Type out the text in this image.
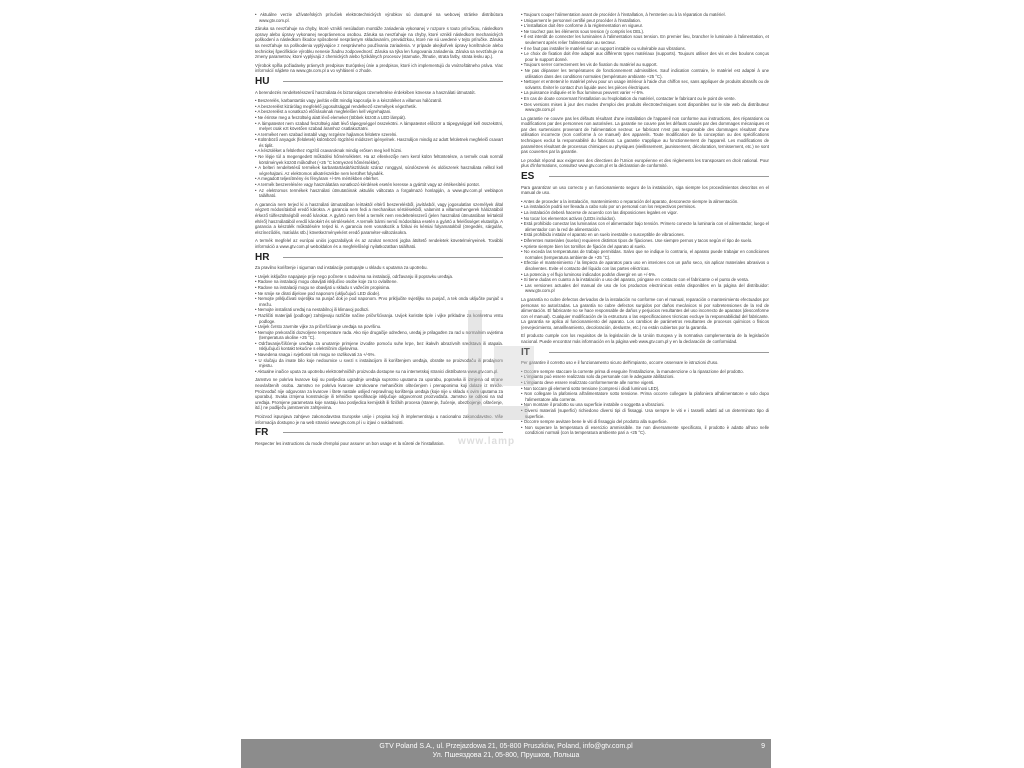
• Aktuálne verzie užívateľských príručiek elektrotechnických výrobkov sú dostupné na webovej stránke distribútora www.gtv.com.pl.

Záruka sa nevzťahuje na chyby, ktoré vznikli nesúladom montáže zariadenia vykonanej v rozpore s touto príručkou, následkom opravy alebo úpravy vykonanej neoprávnenou osobou. Záruka sa nevzťahuje na chyby, ktoré vznikli následkom mechanických poškodení a následkom škodov spôsobené nesprávnym skladovaním, prevádzkou, ktoré nie sú uvedené v tejto príručke. Záruka sa nevzťahuje na poškodenia vyplývajúce z nesprávneho používania zariadenia. V prípade akejkoľvek úpravy konštrukcie alebo technickej špecifikácie výrobku nenesie žiadnu zodpovednosť. Záruka sa týka len fungovania zariadenia. Záruka sa nevzťahuje na zmeny parametrov, ktoré vyplývajú z chemických alebo fyzikálnych procesov (starnutie, žltnutie, strata farby, strata lesku ap.).

Výrobok spĺňa požiadavky právnych predpisov Európskej únie a predpisov, ktoré ich implementujú do vnútroštátneho práva. Viac informácií nájdete na www.gtv.com.pl a vo vyhlásení o zhode.

HU

A berendezés rendeltetésszerű használata és biztonságos üzemeltetése érdekében kövesse a használati útmutatót.

• Beszerelés, karbantartás vagy javítás előtt mindig kapcsolja le a készüléket a villamos hálózatról.
• A beszerelést kizárólag megfelelő jogosultsággal rendelkező személyek végezhetik.
• A beszerelést a vonatkozó előírásoknak megfelelően kell végrehajtani.
• Ne érintse meg a feszültség alatt lévő elemeket (többek között a LED lámpát).
• A lámpatestet nem szabad feszültség alatt lévő tápegységgel összekötni. A lámpatestet először a tápegységgel kell összekötni, melyet csak ezt követően szabad áramhoz csatlakoztatni.
• A terméket nem szabad instabil vagy rezgésre hajlamos felületre szerelni.
• Különböző anyagok (felületek) különböző rögzítési módszert igényelnek. Használjon mindig az adott felületnek megfelelő csavart és tiplit.
• A készüléket a felülethez rögzítő csavaroknak mindig erősen meg kell húzni.
• Ne lépje túl a megengedett működési hőmérsékletet. Ha az ellenkezője nem kerül külön feltüntetésre, a termék csak normál körülmények között működhet (+25 °C környezeti hőmérséklet).
• A belteri rendeltetésű termékek karbantartását/tisztítását száraz ronggyal, súrolószerek és oldószerek használata nélkül kell végrehajtani. Az elektromos alkatrészekbe nem kerülhet folyadék.
• A megadott teljesítmény és fényáram +/-5% mértékben eltérhet.
• A termék beszerelésére vagy használatára vonatkozó kérdések esetén keresse a gyártót vagy az értékesítési pontot.
• Az elektromos termékek használati útmutatóinak aktuális változata a forgalmazó honlapján, a www.gtv.com.pl weblapon található.

A garancia nem terjed ki a használati útmutatóban leírtaktól eltérő beszerelésből, javításból, vagy jogosulatlan személyek által végzett módosításból eredő károkra. A garancia nem fedi a mechanikus sérülésekből, valamint a villamoshengerek hálózatából érkező túlfeszültségből eredő károkat. A gyártó nem felel a termék nem rendeltetésszerű (jelen használati útmutatóban leírtaktól eltérő) használatából eredő károkért és sérülésekért. A termék bármi nemű módosítása esetén a gyártó a felelősséget elutasítja. A garancia a készülék működésére terjed ki. A garancia nem vonatkozik a fizikai és kémiai folyamatokból (öregedés, sárgulás, elszíneződés, matíulás stb.) következményeként eredő paraméter-változásokra.

A termék megfelel az európai uniós jogszabályok és az azokat nemzeti jogba átültető rendeletek követelményeinek. További információ a www.gtv.com.pl weboldalon és a megfelelőségi nyilatkozatban található.

HR

Za pravilno korištenje i sigurnan rad instalacije postupajte u skladu s uputama za upotrebu.

• Uvijek isključite napajanje prije nego počnete s radovima na instalaciji, održavanju ili popravku uređaja.
• Radove na instalaciji mogu obavljati isključivo osobe koje za to ovlaštene.
• Radove na instalaciji mogu se obavljati u skladu s važećim propisima.
• Ne smije se dirati dijelove pod naponom (uključujući LED diode).
• Nemojte priključivati svjetiljku na punjač dok je pod naponom. Prvo priključite svjetiljku na punjač, a tek onda uključite punjač u mrežu.
• Nemojte instalirati uređaj na nestabilnoj ili klimavoj podlozi.
• Različiti materijali (podloge) zahtijevaju različite načine pričvršćivanja. Uvijek koristite tiple i vijke prikladne za konkretnu vrstu podloge.
• Uvijek čvrsto zavrnite vijke za pričvršćivanje uređaja na površinu.
• Nemojte prekoračiti dozvoljene temperature rada. Ako nije drugačije određeno, uređaj je prilagođen za rad u normalnim uvjetima (temperatura okoline +25 °C).
• Održavanje/čišćenje uređaja za unutarnje primjene izvodite pomoću suhe krpe, bez ikakvih abrazivnih sredstava ili otapala. Isključujući kontakt tekućine s električnim dijelovima.
• Navedena snaga i svjetlosni tok mogu se razlikovati za +/-5%.
• U slučaju da imate bilo koje nedoumice u svezi s instalacijom ili korištenjem uređaja, obratite se proizvođaču ili prodajnom mjestu.
• Aktualne inačice uputa za upotrebu elektrotehničkih proizvoda dostupne su na internetskoj stranici distributera www.gtv.com.pl.

Jamstvo ne pokriva kvarove koji su posljedica ugradnje uređaja suprotno uputama za uporabu, popravka ili izmjena od strane neovlaštenih osoba. Jamstvo ne pokriva kvarove uzrokovane mehaničkim oštećenjem i prenaponima koji dolaze iz mreže. Proizvođač nije odgovoran za kvarove i štete nastale uslijed nepravilnog korištenja uređaja (koje nije u skladu s ovim uputama za uporabu). Svaka izmjena konstrukcije ili tehničke specifikacije isključuje odgovornost proizvođača. Jamstvo se odnosi na rad uređaja. Promjene parametara koje nastaju kao posljedica kemijskih ili fizičkih procesa (starenje, žućenje, obezbojenje, oštećenje, itd.) ne podliježu jamstvenim zahtjevima.

Proizvod ispunjava zahtjeve zakonodavstva Europske unije i propisa koji ih implementiraju u nacionalno zakonodavstvo. Više informacija dostupno je na web stranici www.gtv.com.pl i u izjavi o sukladnosti.

FR

Respecter les instructions du mode d'emploi pour assurer un bon usage et la sûreté de l'installation.

• Toujours couper l'alimentation avant de procéder à l'installation, à l'entretien ou à la réparation du matériel.
• Uniquement le personnel certifié peut procéder à l'installation.
• L'installation doit être conforme à la réglementation en vigueur.
• Ne touchez pas les éléments sous tension (y compris les DEL).
• Il est interdit de connecter les luminaires à l'alimentation sous tension. En premier lieu, brancher le luminaire à l'alimentation, et seulement après relier l'alimentation au secteur.
• Il ne faut pas installer le matériel sur un support instable ou vulnérable aux vibrations.
• Le choix de fixation doit être adapté aux différents types matériaux (supports). Toujours utiliser des vis et des boulons conçus pour le support donné.
• Toujours serrer correctement les vis de fixation du matériel au support.
• Ne pas dépasser les températures de fonctionnement admissibles. Sauf indication contraire, le matériel est adapté à une utilisation dans des conditions normales (température ambiante +25 °C).
• Nettoyer et entretenir le matériel prévu pour un usage intérieur à l'aide d'un chiffon sec, sans appliquer de produits abrasifs ou de solvants. Éviter le contact d'un liquide avec les pièces électriques.
• La puissance indiquée et le flux lumineux peuvent varier +/-5%.
• En cas de doute concernant l'installation ou l'exploitation du matériel, contacter le fabricant ou le point de vente.
• Des versions mises à jour des modes d'emploi des produits électrotechniques sont disponibles sur le site web du distributeur www.gtv.com.pl

La garantie ne couvre pas les défauts résultant d'une installation de l'appareil non conforme aux instructions, des réparations ou modifications par des personnes non autorisées. La garantie ne couvre pas les défauts causés par des dommages mécaniques et par des surtensions provenant de l'alimentation secteur. Le fabricant n'est pas responsable des dommages résultant d'une utilisation incorrecte (non conforme à ce manuel) des appareils. Toute modification de la conception ou des spécifications techniques exclut la responsabilité du fabricant. La garantie s'applique au fonctionnement de l'appareil. Les modifications de paramètres résultant de processus chimiques ou physiques (vieillissement, jaunissement, décoloration, ternissement, etc.) ne sont pas couvertes par la garantie.

Le produit répond aux exigences des directives de l'Union européenne et des règlements les transposant en droit national. Pour plus d'informations, consultez www.gtv.com.pl et la déclaration de conformité.

ES

Para garantizar un uso correcto y un funcionamiento seguro de la instalación, siga siempre los procedimientos descritos en el manual de uso.

• Antes de proceder a la instalación, mantenimiento o reparación del aparato, desconecte siempre la alimentación.
• La instalación podrá ser llevada a cabo solo por un personal con los respectivos permisos.
• La instalación deberá hacerse de acuerdo con las disposiciones legales en vigor.
• No tocar los elementos activos (LEDs incluidos).
• Está prohibido conectar las luminarias con el alimentador bajo tensión. Primero conecte la luminaria con el alimentador, luego el alimentador con la red de alimentación.
• Está prohibido instalar el aparato en un suelo inestable o susceptible de vibraciones.
• Diferentes materiales (suelos) requieren distintos tipos de fijaciones. Use siempre pernos y tacos según el tipo de suelo.
• Apriete siempre bien los tornillos de fijación del aparato al suelo.
• No exceda las temperaturas de trabajo permitidas. Salvo que se indique lo contrario, el aparato puede trabajar en condiciones normales (temperatura ambiente de +25 °C).
• Efectúe el mantenimiento / la limpieza de aparatos para uso en interiores con un paño seco, sin aplicar materiales abrasivos o disolventes. Evite el contacto del líquido con las partes eléctricas.
• La potencia y el flujo luminoso indicados podrán divergir en un +/-5%.
• Si tiene dudas en cuanto a la instalación o uso del aparato, póngase en contacto con el fabricante o el punto de venta.
• Las versiones actuales del manual de uso de los productos electrónicos están disponibles en la página del distribuidor: www.gtv.com.pl

La garantía no cubre defectos derivados de la instalación no conforme con el manual, reparación o mantenimiento efectuados por personas no autorizadas. La garantía no cubre defectos surgidos por daños mecánicos ni por sobretensiones de la red de alimentación. El fabricante no se hace responsable de daños y perjuicios resultantes del uso incorrecto de aparatos (desconforme con el manual). Cualquier modificación de la estructura o las especificaciones técnicas excluye la responsabilidad del fabricante. La garantía se aplica al funcionamiento del aparato. Los cambios de parámetros resultantes de procesos químicos o físicos (envejecimiento, amarilleamiento, decoloración, deslustre, etc.) no están cubiertos por la garantía.

El producto cumple con los requisitos de la legislación de la Unión Europea y la normativa complementaria de la legislación nacional. Puede encontrar más información en la página web www.gtv.com.pl y en la declaración de conformidad.

IT

Per garantire il corretto uso e il funzionamento sicuro dell'impianto, occorre osservare le istruzioni d'uso.

• Occorre sempre staccare la corrente prima di eseguire l'installazione, la manutenzione o la riparazione del prodotto.
• L'impianto può essere realizzato solo da personale con le adeguate abilitazioni.
• L'impianto deve essere realizzato conformemente alle norme vigenti.
• Non toccare gli elementi sotto tensione (compresi i diodi luminosi LED).
• Non collegare la plafoniera all'alimentatore sotto tensione. Prima occorre collegare la plafoniera all'alimentatore e solo dopo l'alimentatore alla corrente.
• Non montare il prodotto su una superficie instabile o soggetta a vibrazioni.
• Diversi materiali (superfici) richiedono diversi tipi di fissaggi. Usa sempre le viti e i tasselli adatti ad un determinato tipo di superficie.
• Occorre sempre avvitare bene le viti di fissaggio del prodotto alla superficie.
• Non superare la temperatura di esercizio ammissibile. Se non diversamente specificato, il prodotto è adatto all'uso nelle condizioni normali (con la temperatura ambiente pari a +25 °C).
www.lamp
GTV Poland S.A., ul. Przejazdowa 21, 05-800 Pruszków, Poland, info@gtv.com.pl
Ул. Пшеяздова 21, 05-800, Прушков, Польша
9
